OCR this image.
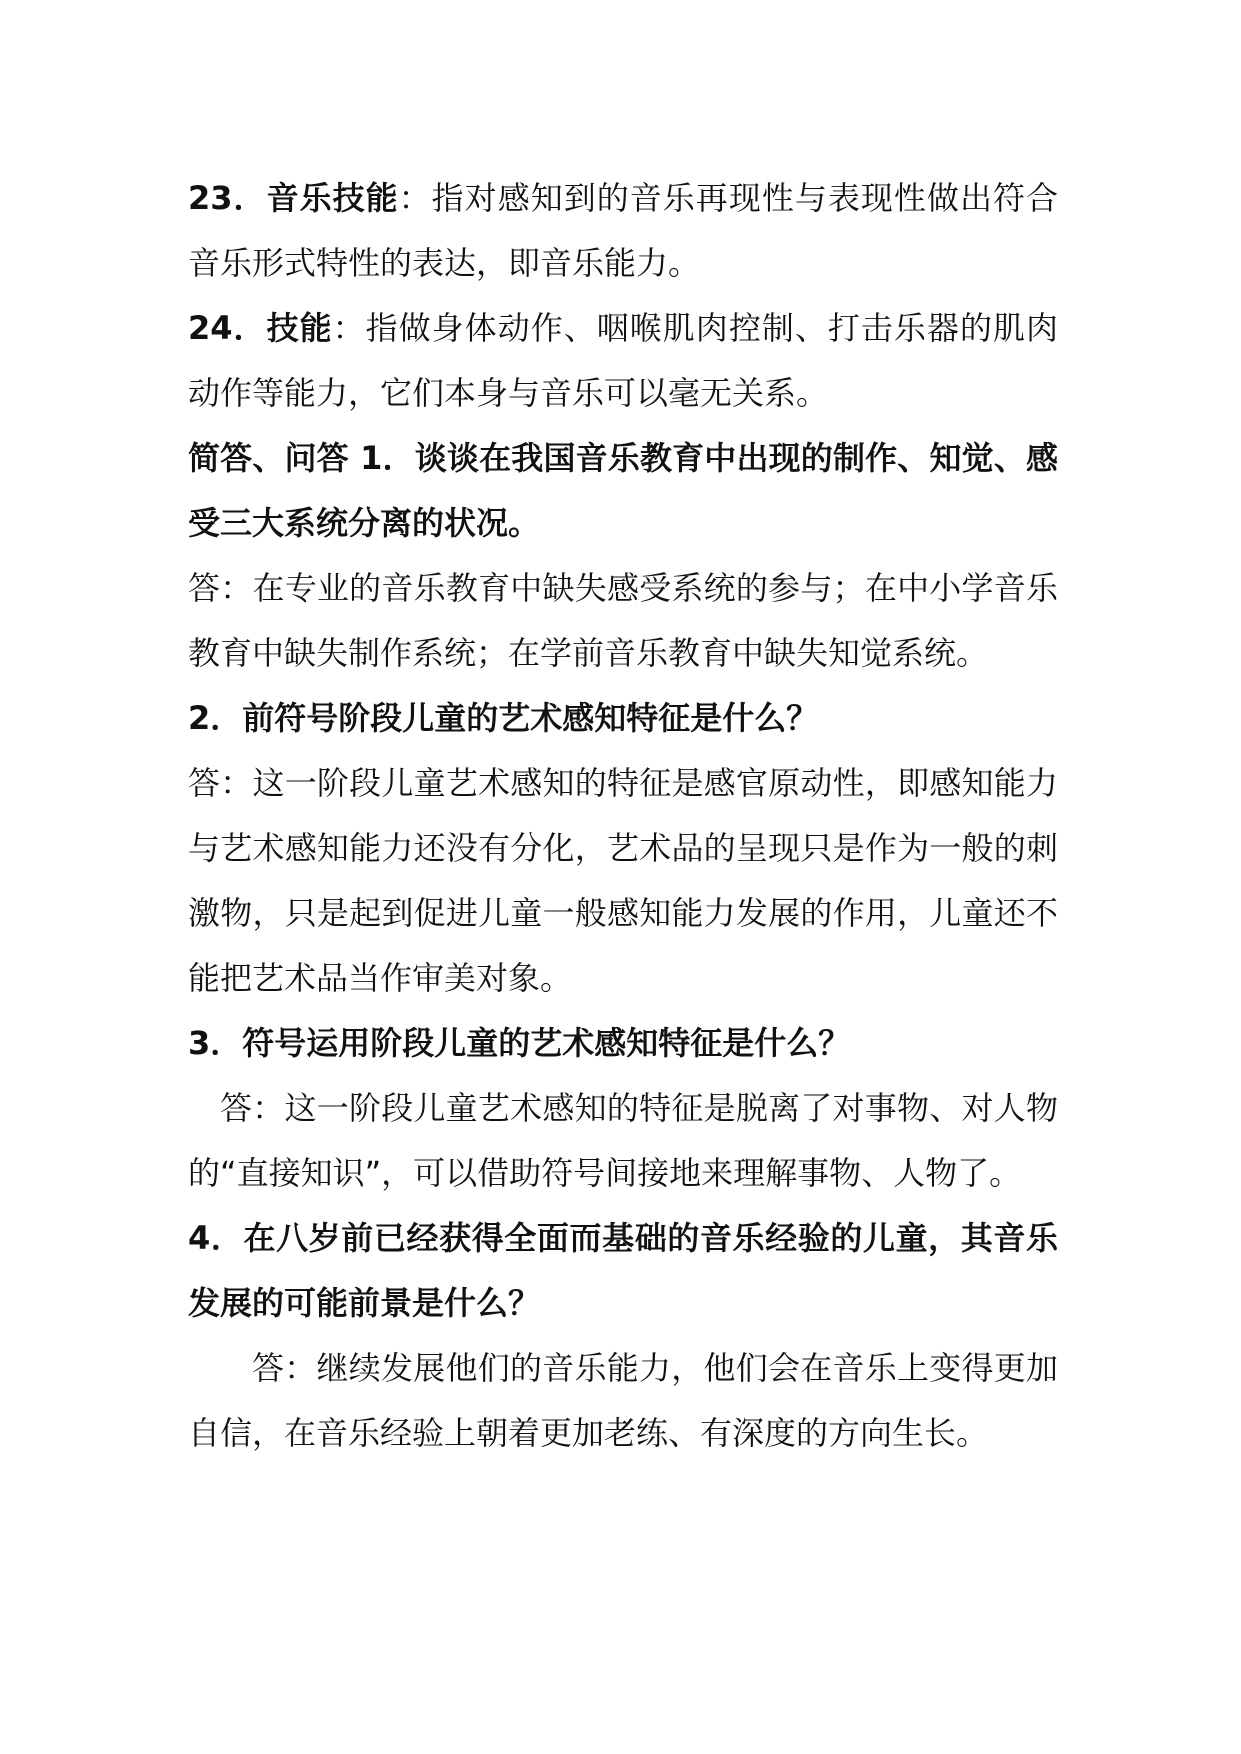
23．音乐技能：指对感知到的音乐再现性与表现性做出符合音乐形式特性的表达，即音乐能力。

24．技能：指做身体动作、咽喉肌肉控制、打击乐器的肌肉动作等能力，它们本身与音乐可以毫无关系。

简答、问答 1．谈谈在我国音乐教育中出现的制作、知觉、感受三大系统分离的状况。

答：在专业的音乐教育中缺失感受系统的参与；在中小学音乐教育中缺失制作系统；在学前音乐教育中缺失知觉系统。

2．前符号阶段儿童的艺术感知特征是什么？

答：这一阶段儿童艺术感知的特征是感官原动性，即感知能力与艺术感知能力还没有分化，艺术品的呈现只是作为一般的刺激物，只是起到促进儿童一般感知能力发展的作用，儿童还不能把艺术品当作审美对象。

3．符号运用阶段儿童的艺术感知特征是什么？

答：这一阶段儿童艺术感知的特征是脱离了对事物、对人物的“直接知识”，可以借助符号间接地来理解事物、人物了。

4．在八岁前已经获得全面而基础的音乐经验的儿童，其音乐发展的可能前景是什么？

答：继续发展他们的音乐能力，他们会在音乐上变得更加自信，在音乐经验上朝着更加老练、有深度的方向生长。
